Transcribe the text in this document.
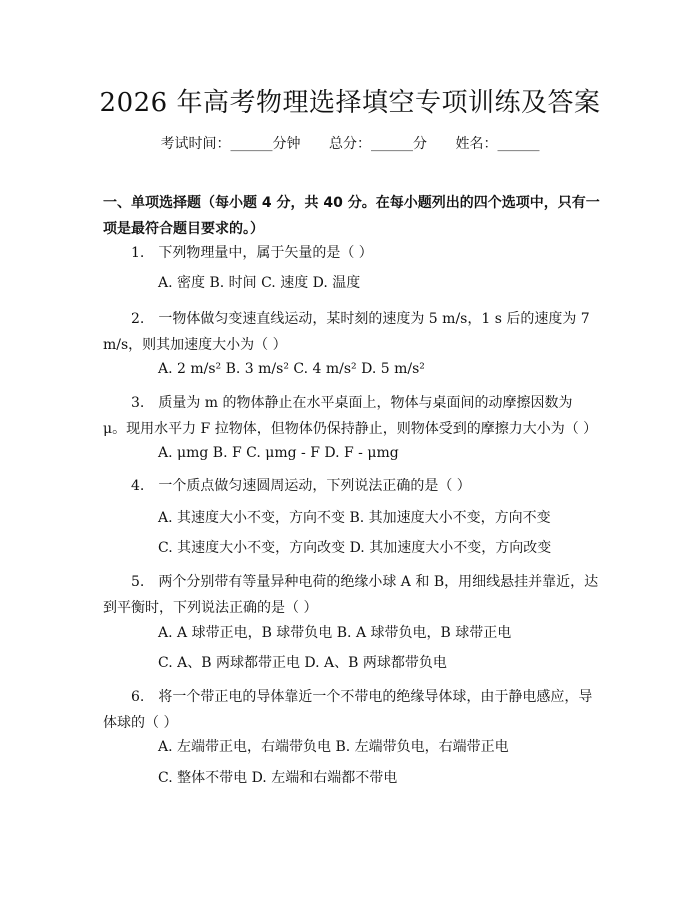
2026 年高考物理选择填空专项训练及答案
考试时间：______分钟 总分：______分 姓名：______
一、单项选择题（每小题 4 分，共 40 分。在每小题列出的四个选项中，只有一项是最符合题目要求的。）
1.　下列物理量中，属于矢量的是（ ）
A. 密度 B. 时间 C. 速度 D. 温度
2.　一物体做匀变速直线运动，某时刻的速度为 5 m/s，1 s 后的速度为 7 m/s，则其加速度大小为（ ）
A. 2 m/s² B. 3 m/s² C. 4 m/s² D. 5 m/s²
3.　质量为 m 的物体静止在水平桌面上，物体与桌面间的动摩擦因数为 μ。现用水平力 F 拉物体，但物体仍保持静止，则物体受到的摩擦力大小为（ ）
A. μmg B. F C. μmg - F D. F - μmg
4.　一个质点做匀速圆周运动，下列说法正确的是（ ）
A. 其速度大小不变，方向不变 B. 其加速度大小不变，方向不变
C. 其速度大小不变，方向改变 D. 其加速度大小不变，方向改变
5.　两个分别带有等量异种电荷的绝缘小球 A 和 B，用细线悬挂并靠近，达到平衡时，下列说法正确的是（ ）
A. A 球带正电，B 球带负电 B. A 球带负电，B 球带正电
C. A、B 两球都带正电 D. A、B 两球都带负电
6.　将一个带正电的导体靠近一个不带电的绝缘导体球，由于静电感应，导体球的（ ）
A. 左端带正电，右端带负电 B. 左端带负电，右端带正电
C. 整体不带电 D. 左端和右端都不带电
